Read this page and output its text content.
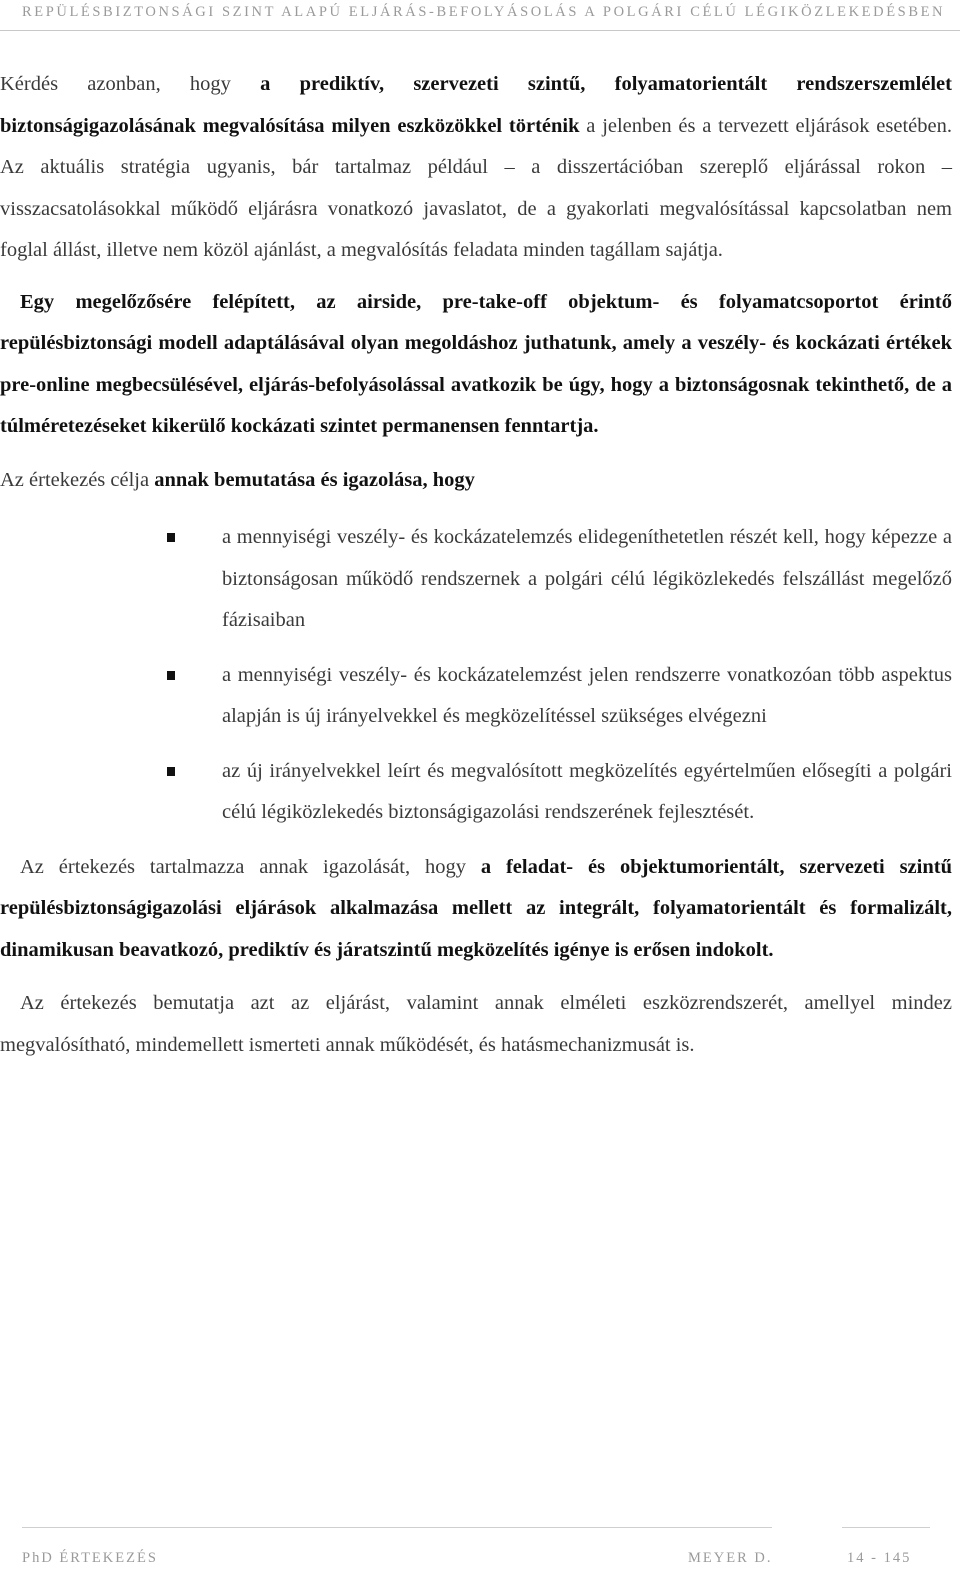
REPÜLÉSBIZTONSÁGI SZINT ALAPÚ ELJÁRÁS-BEFOLYÁSOLÁS A POLGÁRI CÉLÚ LÉGIKÖZLEKEDÉSBEN

Kérdés azonban, hogy a prediktív, szervezeti szintű, folyamatorientált rendszerszemlélet biztonságigazolásának megvalósítása milyen eszközökkel történik a jelenben és a tervezett eljárások esetében. Az aktuális stratégia ugyanis, bár tartalmaz például – a disszertációban szereplő eljárással rokon – visszacsatolásokkal működő eljárásra vonatkozó javaslatot, de a gyakorlati megvalósítással kapcsolatban nem foglal állást, illetve nem közöl ajánlást, a megvalósítás feladata minden tagállam sajátja.

Egy megelőzősére felépített, az airside, pre-take-off objektum- és folyamatcsoportot érintő repülésbiztonsági modell adaptálásával olyan megoldáshoz juthatunk, amely a veszély- és kockázati értékek pre-online megbecsülésével, eljárás-befolyásolással avatkozik be úgy, hogy a biztonságosnak tekinthető, de a túlméretezéseket kikerülő kockázati szintet permanensen fenntartja.

Az értekezés célja annak bemutatása és igazolása, hogy

a mennyiségi veszély- és kockázatelemzés elidegeníthetetlen részét kell, hogy képezze a biztonságosan működő rendszernek a polgári célú légiközlekedés felszállást megelőző fázisaiban
a mennyiségi veszély- és kockázatelemzést jelen rendszerre vonatkozóan több aspektus alapján is új irányelvekkel és megközelítéssel szükséges elvégezni
az új irányelvekkel leírt és megvalósított megközelítés egyértelműen elősegíti a polgári célú légiközlekedés biztonságigazolási rendszerének fejlesztését.

Az értekezés tartalmazza annak igazolását, hogy a feladat- és objektumorientált, szervezeti szintű repülésbiztonságigazolási eljárások alkalmazása mellett az integrált, folyamatorientált és formalizált, dinamikusan beavatkozó, prediktív és járatszintű megközelítés igénye is erősen indokolt.

Az értekezés bemutatja azt az eljárást, valamint annak elméleti eszközrendszerét, amellyel mindez megvalósítható, mindemellett ismerteti annak működését, és hatásmechanizmusát is.

PhD ÉRTEKEZÉS	MEYER D.	14 - 145
